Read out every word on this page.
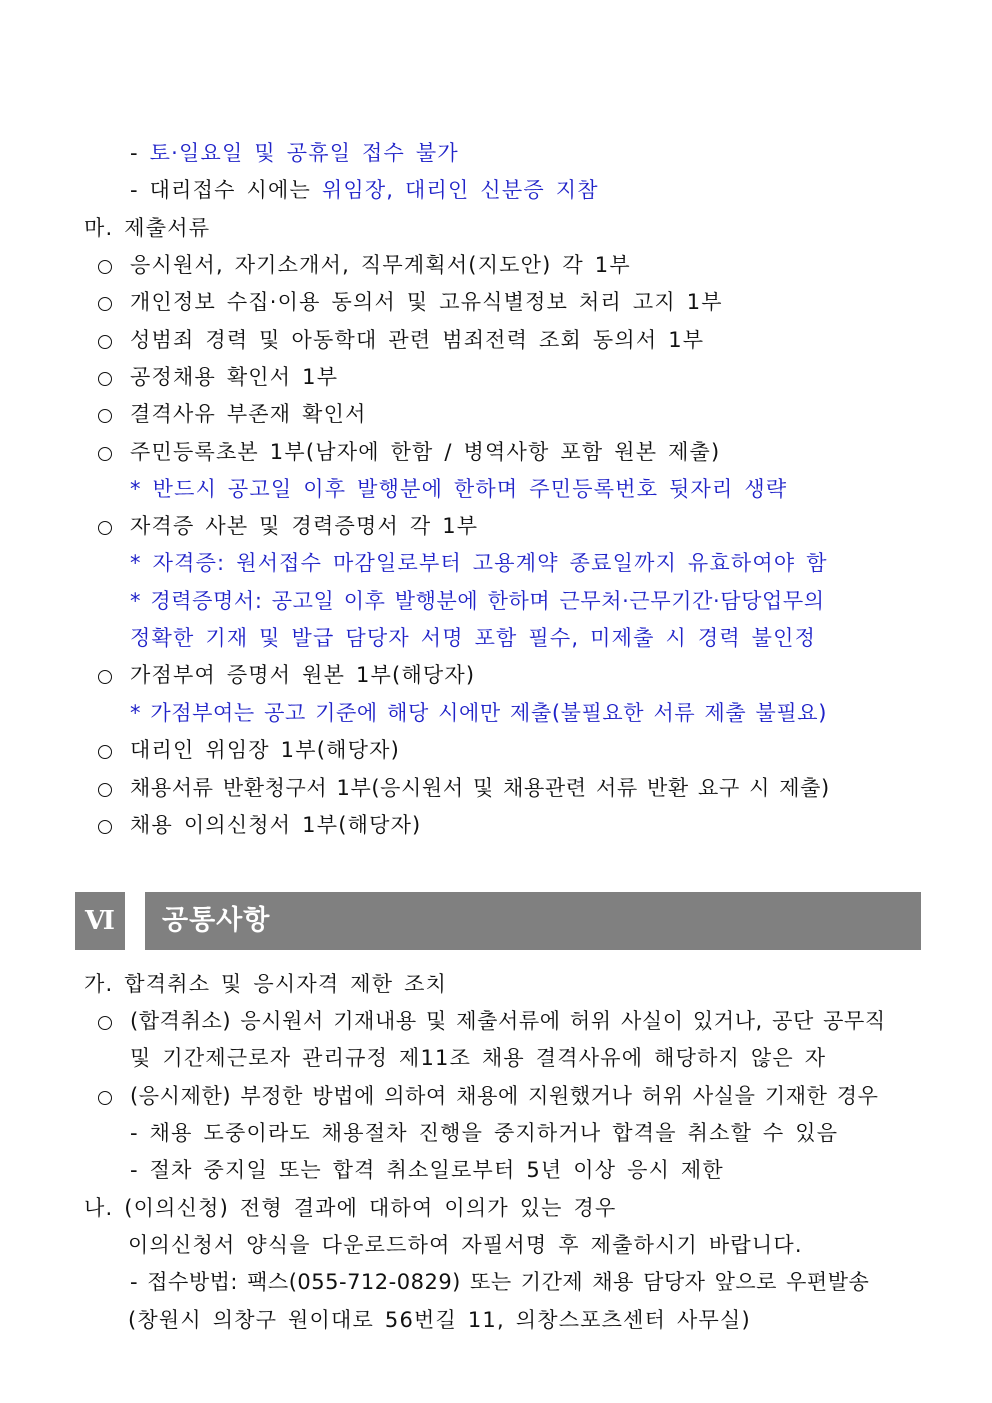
- 토·일요일 및 공휴일 접수 불가
- 대리접수 시에는 위임장, 대리인 신분증 지참
마. 제출서류
응시원서, 자기소개서, 직무계획서(지도안) 각 1부
개인정보 수집·이용 동의서 및 고유식별정보 처리 고지 1부
성범죄 경력 및 아동학대 관련 범죄전력 조회 동의서 1부
공정채용 확인서 1부
결격사유 부존재 확인서
주민등록초본 1부(남자에 한함 / 병역사항 포함 원본 제출)
* 반드시 공고일 이후 발행분에 한하며 주민등록번호 뒷자리 생략
자격증 사본 및 경력증명서 각 1부
* 자격증: 원서접수 마감일로부터 고용계약 종료일까지 유효하여야 함
* 경력증명서: 공고일 이후 발행분에 한하며 근무처·근무기간·담당업무의
정확한 기재 및 발급 담당자 서명 포함 필수, 미제출 시 경력 불인정
가점부여 증명서 원본 1부(해당자)
* 가점부여는 공고 기준에 해당 시에만 제출(불필요한 서류 제출 불필요)
대리인 위임장 1부(해당자)
채용서류 반환청구서 1부(응시원서 및 채용관련 서류 반환 요구 시 제출)
채용 이의신청서 1부(해당자)
Ⅵ	공통사항
가. 합격취소 및 응시자격 제한 조치
(합격취소) 응시원서 기재내용 및 제출서류에 허위 사실이 있거나, 공단 공무직
및 기간제근로자 관리규정 제11조 채용 결격사유에 해당하지 않은 자
(응시제한) 부정한 방법에 의하여 채용에 지원했거나 허위 사실을 기재한 경우
- 채용 도중이라도 채용절차 진행을 중지하거나 합격을 취소할 수 있음
- 절차 중지일 또는 합격 취소일로부터 5년 이상 응시 제한
나. (이의신청) 전형 결과에 대하여 이의가 있는 경우
이의신청서 양식을 다운로드하여 자필서명 후 제출하시기 바랍니다.
- 접수방법: 팩스(055-712-0829) 또는 기간제 채용 담당자 앞으로 우편발송
(창원시 의창구 원이대로 56번길 11, 의창스포츠센터 사무실)
